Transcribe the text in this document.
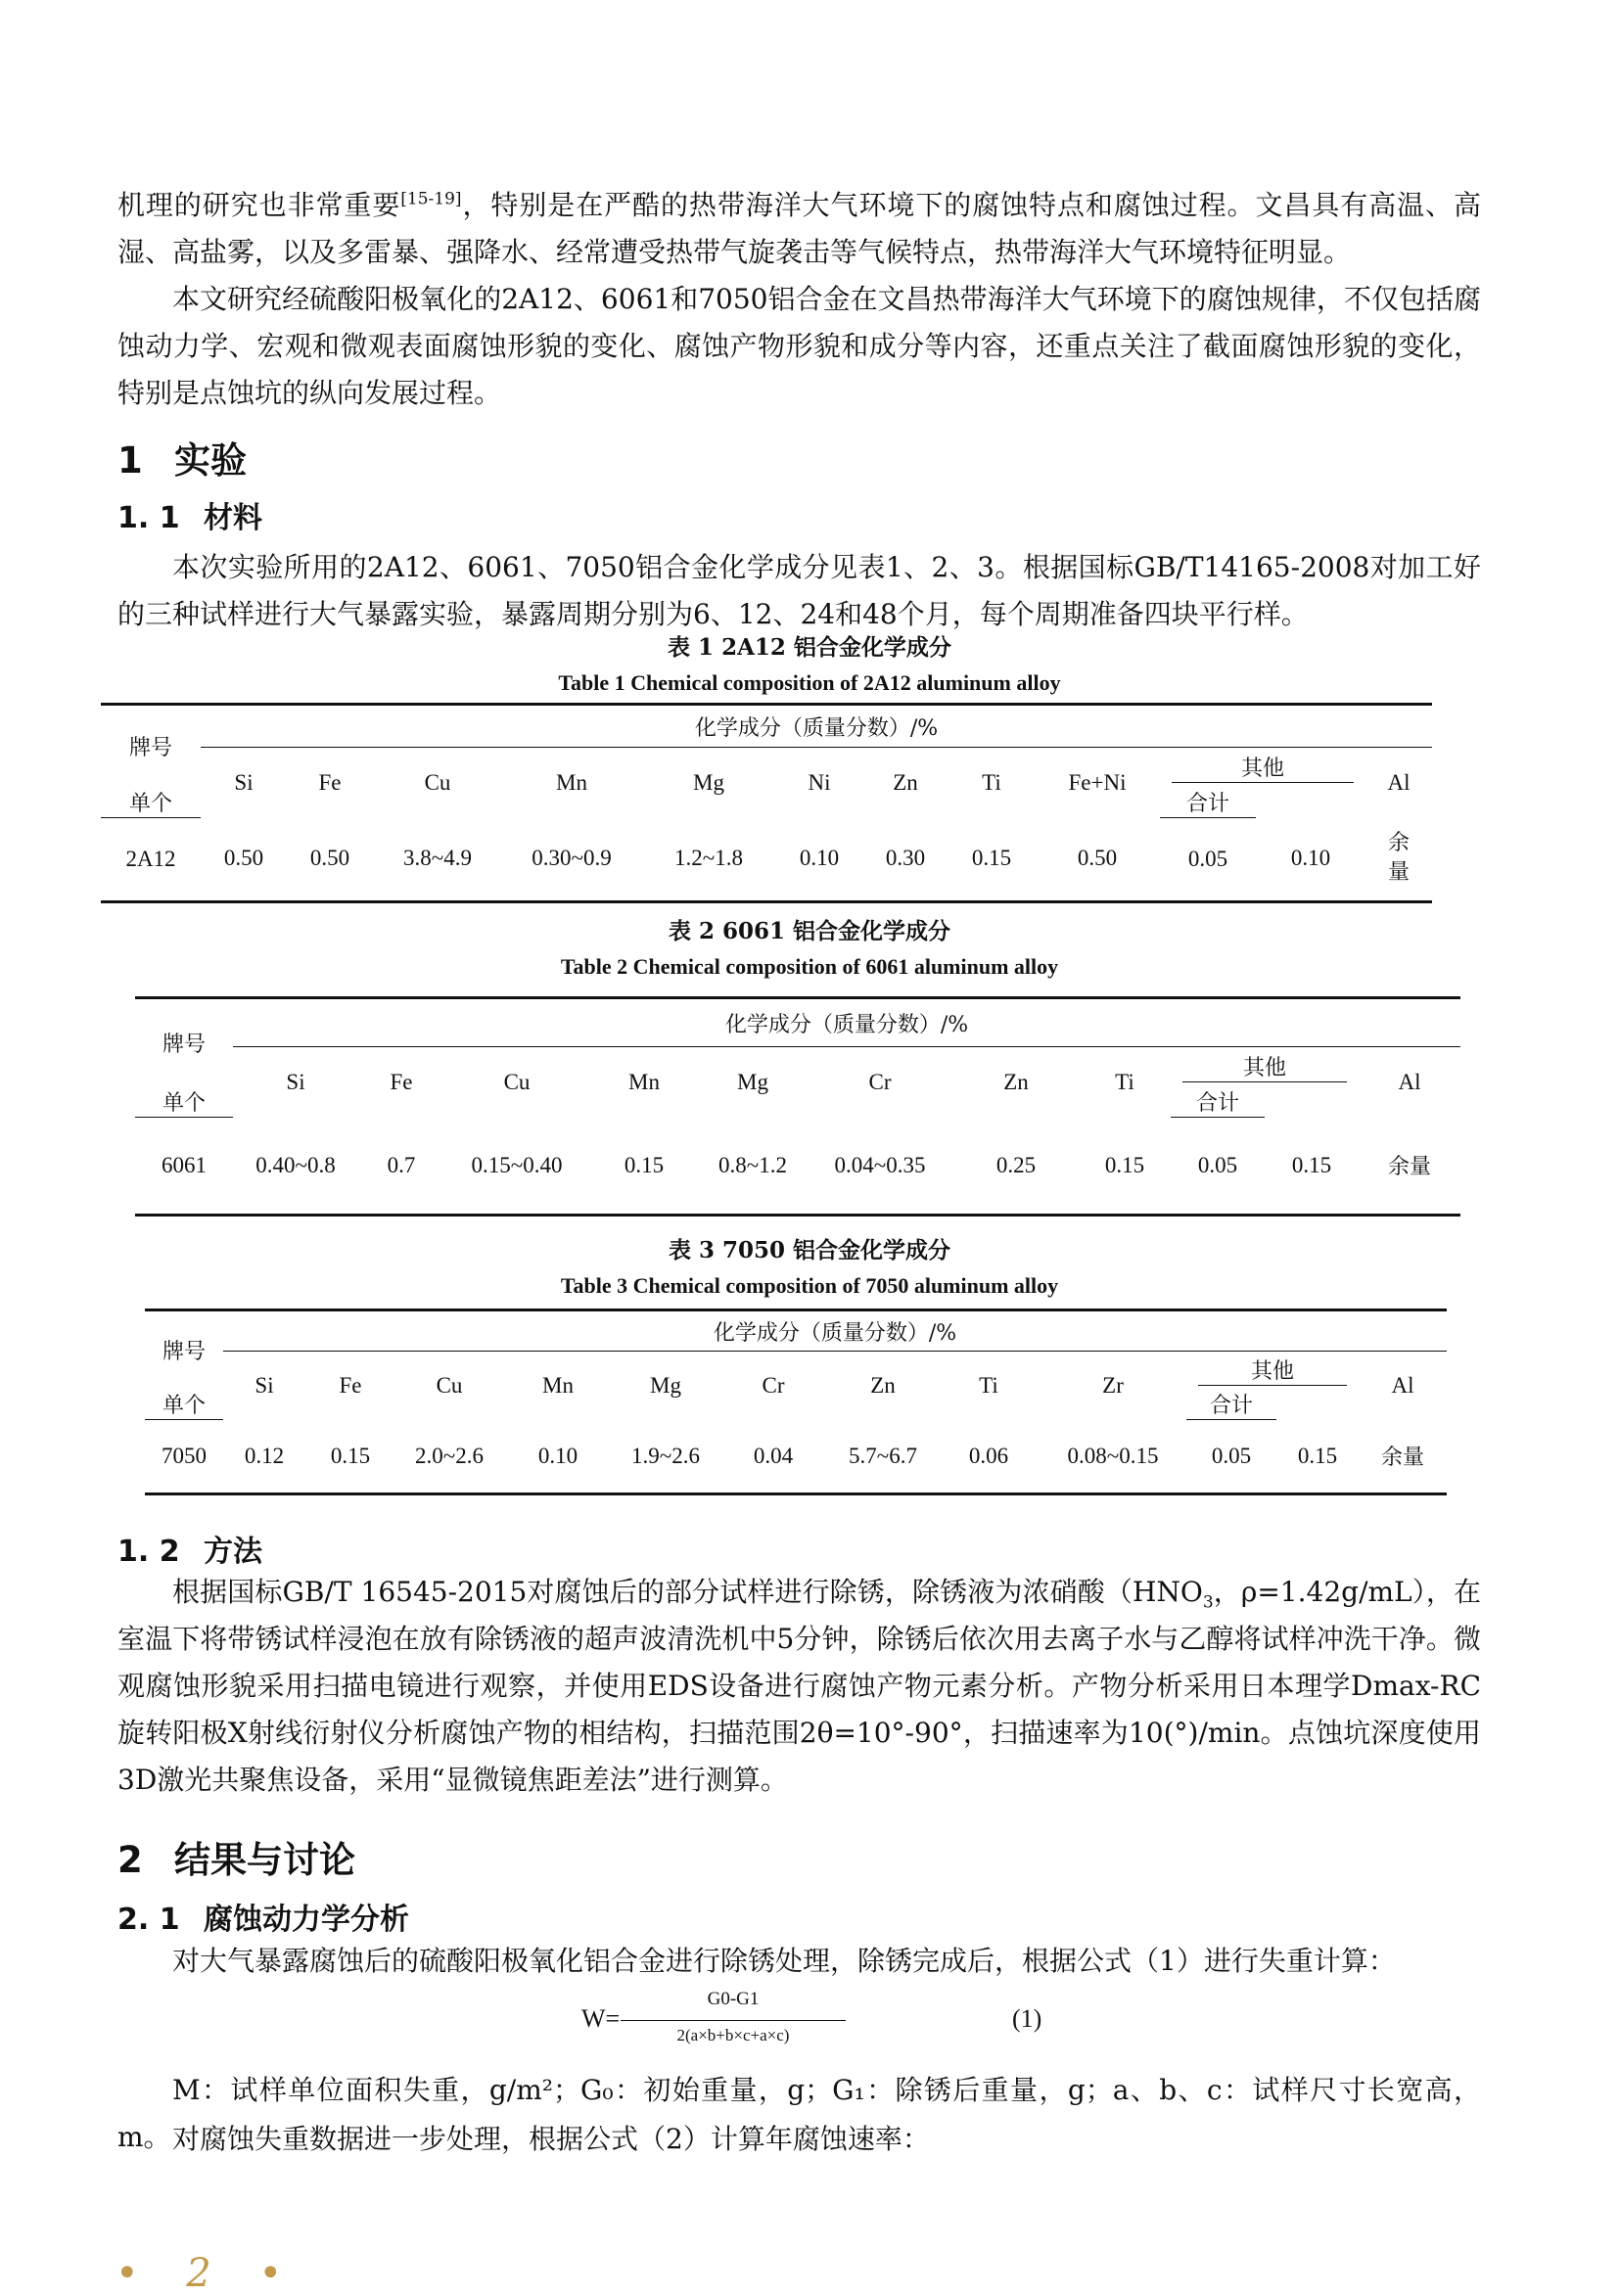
机理的研究也非常重要[15-19]，特别是在严酷的热带海洋大气环境下的腐蚀特点和腐蚀过程。文昌具有高温、高湿、高盐雾，以及多雷暴、强降水、经常遭受热带气旋袭击等气候特点，热带海洋大气环境特征明显。

本文研究经硫酸阳极氧化的2A12、6061和7050铝合金在文昌热带海洋大气环境下的腐蚀规律，不仅包括腐蚀动力学、宏观和微观表面腐蚀形貌的变化、腐蚀产物形貌和成分等内容，还重点关注了截面腐蚀形貌的变化，特别是点蚀坑的纵向发展过程。

1 实验
1. 1 材料

本次实验所用的2A12、6061、7050铝合金化学成分见表1、2、3。根据国标GB/T14165-2008对加工好的三种试样进行大气暴露实验，暴露周期分别为6、12、24和48个月，每个周期准备四块平行样。

表 1 2A12 铝合金化学成分

Table 1 Chemical composition of 2A12 aluminum alloy

牌号	化学成分（质量分数）/%											
	Si	Fe	Cu	Mn	Mg	Ni	Zn	Ti	Fe+Ni	其他		Al
单个										合计		
2A12	0.50	0.50	3.8~4.9	0.30~0.9	1.2~1.8	0.10	0.30	0.15	0.50	0.05	0.10	余
量

表 2 6061 铝合金化学成分

Table 2 Chemical composition of 6061 aluminum alloy

牌号	化学成分（质量分数）/%										
	Si	Fe	Cu	Mn	Mg	Cr	Zn	Ti	其他		Al
单个									合计		
6061	0.40~0.8	0.7	0.15~0.40	0.15	0.8~1.2	0.04~0.35	0.25	0.15	0.05	0.15	余量

表 3 7050 铝合金化学成分

Table 3 Chemical composition of 7050 aluminum alloy

牌号	化学成分（质量分数）/%											
	Si	Fe	Cu	Mn	Mg	Cr	Zn	Ti	Zr	其他		Al
单个										合计		
7050	0.12	0.15	2.0~2.6	0.10	1.9~2.6	0.04	5.7~6.7	0.06	0.08~0.15	0.05	0.15	余量
1. 2 方法

根据国标GB/T 16545-2015对腐蚀后的部分试样进行除锈，除锈液为浓硝酸（$HNO_3$，ρ=1.42g/mL），在室温下将带锈试样浸泡在放有除锈液的超声波清洗机中5分钟，除锈后依次用去离子水与乙醇将试样冲洗干净。微观腐蚀形貌采用扫描电镜进行观察，并使用EDS设备进行腐蚀产物元素分析。产物分析采用日本理学Dmax-RC旋转阳极X射线衍射仪分析腐蚀产物的相结构，扫描范围2θ=10°-90°，扫描速率为10(°)/min。点蚀坑深度使用3D激光共聚焦设备，采用“显微镜焦距差法”进行测算。

2 结果与讨论
2. 1 腐蚀动力学分析

对大气暴露腐蚀后的硫酸阳极氧化铝合金进行除锈处理，除锈完成后，根据公式（1）进行失重计算：

W=
G0-G1
2(a×b+b×c+a×c)
(1)

M：试样单位面积失重，g/m²；G₀：初始重量，g；G₁：除锈后重量，g；a、b、c：试样尺寸长宽高，m。 对腐蚀失重数据进一步处理，根据公式（2）计算年腐蚀速率：

• 2 •
